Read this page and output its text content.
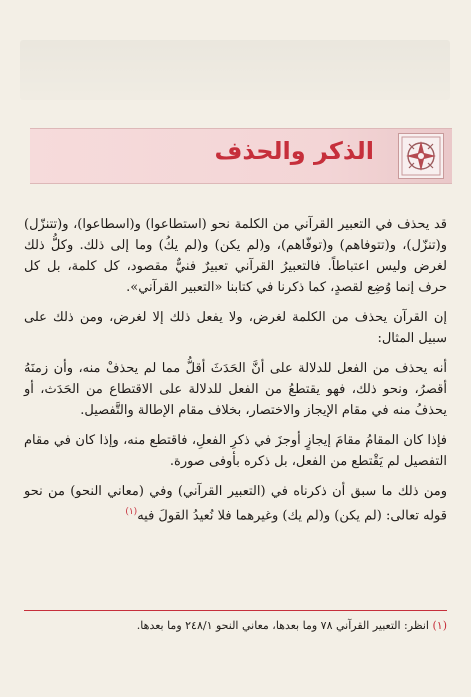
الذكر والحذف

قد يحذف في التعبير القرآني من الكلمة نحو (استطاعوا) و(اسطاعوا)، و(تتنزّل) و(تنزّل)، و(تتوفاهم) و(توفّاهم)، و(لم يكن) و(لم يكُ) وما إلى ذلك. وكلُّ ذلك لغرض وليس اعتباطاً. فالتعبيرُ القرآني تعبيرٌ فنيٌّ مقصود، كل كلمة، بل كل حرف إنما وُضِع لقصدٍ، كما ذكرنا في كتابنا «التعبير القرآني».

إن القرآن يحذف من الكلمة لغرض، ولا يفعل ذلك إلا لغرض، ومن ذلك على سبيل المثال:

أنه يحذف من الفعل للدلالة على أنَّ الحَدَثَ أقلُّ مما لم يحذفْ منه، وأن زمنَهُ أقصرُ، ونحو ذلك، فهو يقتطعُ من الفعل للدلالة على الاقتطاع من الحَدَث، أو يحذفُ منه في مقام الإيجاز والاختصار، بخلاف مقام الإطالة والتَّفصيل.

فإذا كان المقامُ مقامَ إيجازٍ أوجزَ في ذكرِ الفعلِ، فاقتطع منه، وإذا كان في مقام التفصيل لم يَقْتطع من الفعل، بل ذكره بأوفى صورة.

ومن ذلك ما سبق أن ذكرناه في (التعبير القرآني) وفي (معاني النحو) من نحو قوله تعالى: (لم يكن) و(لم يك) وغيرهما فلا نُعيدُ القولَ فيه$^{(١)}$

(١) انظر: التعبير القرآني ٧٨ وما بعدها، معاني النحو ٢٤٨/١ وما بعدها.
